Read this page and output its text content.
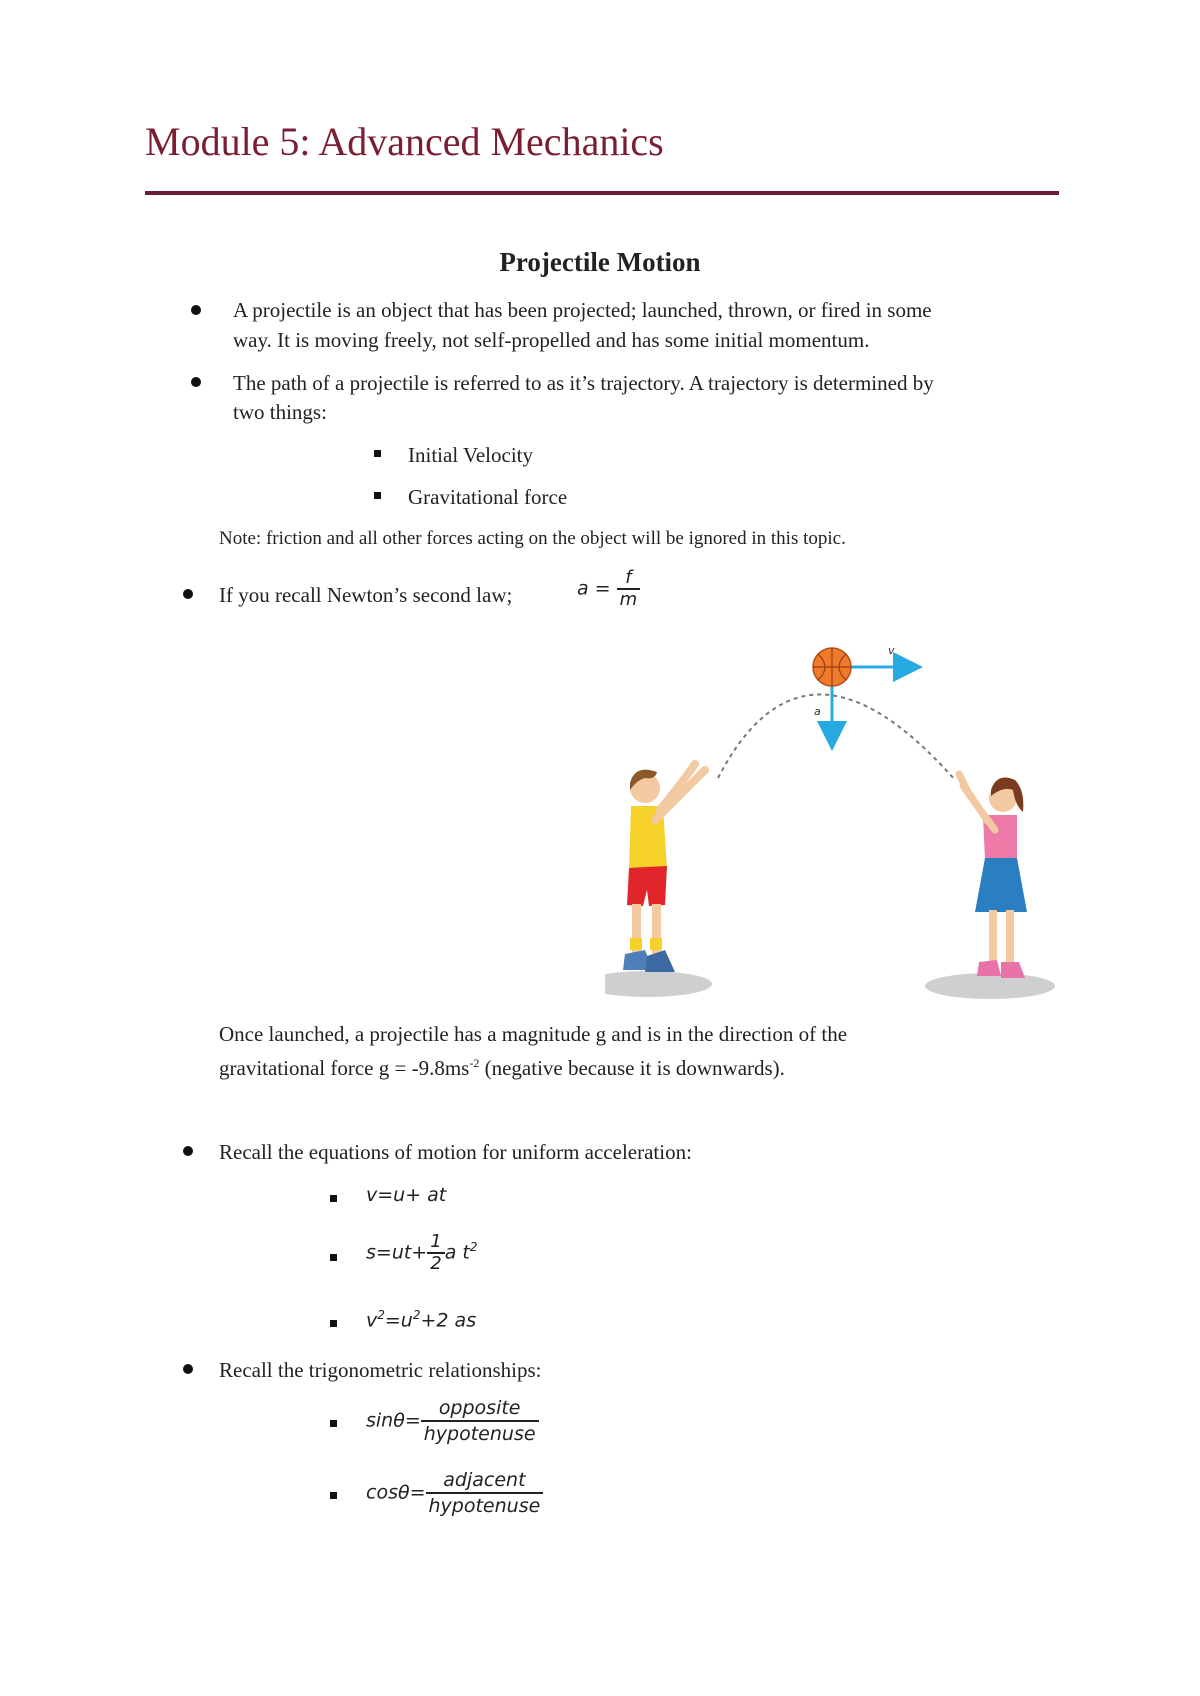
Module 5: Advanced Mechanics
Projectile Motion
A projectile is an object that has been projected; launched, thrown, or fired in some
way. It is moving freely, not self-propelled and has some initial momentum.
The path of a projectile is referred to as it’s trajectory. A trajectory is determined by
two things:
Initial Velocity
Gravitational force
Note: friction and all other forces acting on the object will be ignored in this topic.
If you recall Newton’s second law;	$a = \frac{f}{m}$
v
a
Once launched, a projectile has a magnitude g and is in the direction of the
gravitational force $g = -9.8ms^{-2}$ (negative because it is downwards).
Recall the equations of motion for uniform acceleration:
v=u+ at
$s=ut+ \frac{1}{2}$ a $t^2$
$v^2=u^2+2$ as
Recall the trigonometric relationships:
$\sin\theta= \frac{\text{opposite}}{\text{hypotenuse}}$
$\cos\theta= \frac{\text{adjacent}}{\text{hypotenuse}}$
